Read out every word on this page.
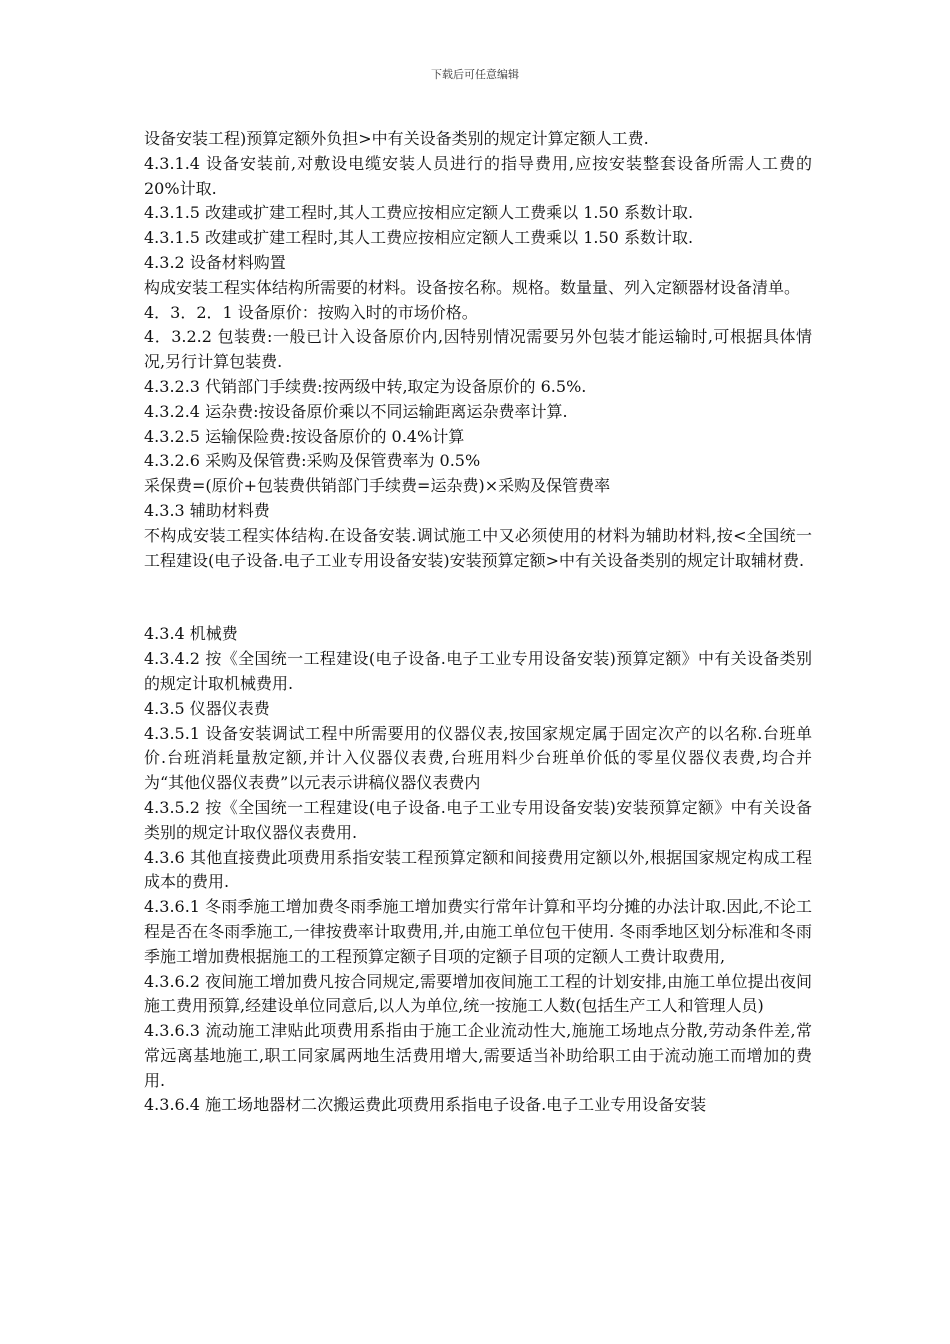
下载后可任意编辑

设备安装工程)预算定额外负担>中有关设备类别的规定计算定额人工费.

4.3.1.4 设备安装前,对敷设电缆安装人员进行的指导费用,应按安装整套设备所需人工费的 20%计取.

4.3.1.5 改建或扩建工程时,其人工费应按相应定额人工费乘以 1.50 系数计取.

4.3.1.5 改建或扩建工程时,其人工费应按相应定额人工费乘以 1.50 系数计取.

4.3.2 设备材料购置

构成安装工程实体结构所需要的材料。设备按名称。规格。数量量、列入定额器材设备清单。

4．3．2．1 设备原价：按购入时的市场价格。

4．3.2.2 包装费:一般已计入设备原价内,因特别情况需要另外包装才能运输时,可根据具体情况,另行计算包装费.

4.3.2.3 代销部门手续费:按两级中转,取定为设备原价的 6.5%.

4.3.2.4 运杂费:按设备原价乘以不同运输距离运杂费率计算.

4.3.2.5 运输保险费:按设备原价的 0.4%计算

4.3.2.6 采购及保管费:采购及保管费率为 0.5%

采保费=(原价+包装费供销部门手续费=运杂费)×采购及保管费率

4.3.3 辅助材料费

不构成安装工程实体结构.在设备安装.调试施工中又必须使用的材料为辅助材料,按<全国统一工程建设(电子设备.电子工业专用设备安装)安装预算定额>中有关设备类别的规定计取辅材费.

4.3.4 机械费

4.3.4.2 按《全国统一工程建设(电子设备.电子工业专用设备安装)预算定额》中有关设备类别的规定计取机械费用.

4.3.5 仪器仪表费

4.3.5.1 设备安装调试工程中所需要用的仪器仪表,按国家规定属于固定次产的以名称.台班单价.台班消耗量敖定额,并计入仪器仪表费,台班用料少台班单价低的零星仪器仪表费,均合并为“其他仪器仪表费”以元表示讲稿仪器仪表费内

4.3.5.2 按《全国统一工程建设(电子设备.电子工业专用设备安装)安装预算定额》中有关设备类别的规定计取仪器仪表费用.

4.3.6 其他直接费此项费用系指安装工程预算定额和间接费用定额以外,根据国家规定构成工程成本的费用.

4.3.6.1 冬雨季施工增加费冬雨季施工增加费实行常年计算和平均分摊的办法计取.因此,不论工程是否在冬雨季施工,一律按费率计取费用,并,由施工单位包干使用. 冬雨季地区划分标准和冬雨季施工增加费根据施工的工程预算定额子目项的定额子目项的定额人工费计取费用,

4.3.6.2 夜间施工增加费凡按合同规定,需要增加夜间施工工程的计划安排,由施工单位提出夜间施工费用预算,经建设单位同意后,以人为单位,统一按施工人数(包括生产工人和管理人员)

4.3.6.3 流动施工津贴此项费用系指由于施工企业流动性大,施施工场地点分散,劳动条件差,常常远离基地施工,职工同家属两地生活费用增大,需要适当补助给职工由于流动施工而增加的费用.

4.3.6.4 施工场地器材二次搬运费此项费用系指电子设备.电子工业专用设备安装
